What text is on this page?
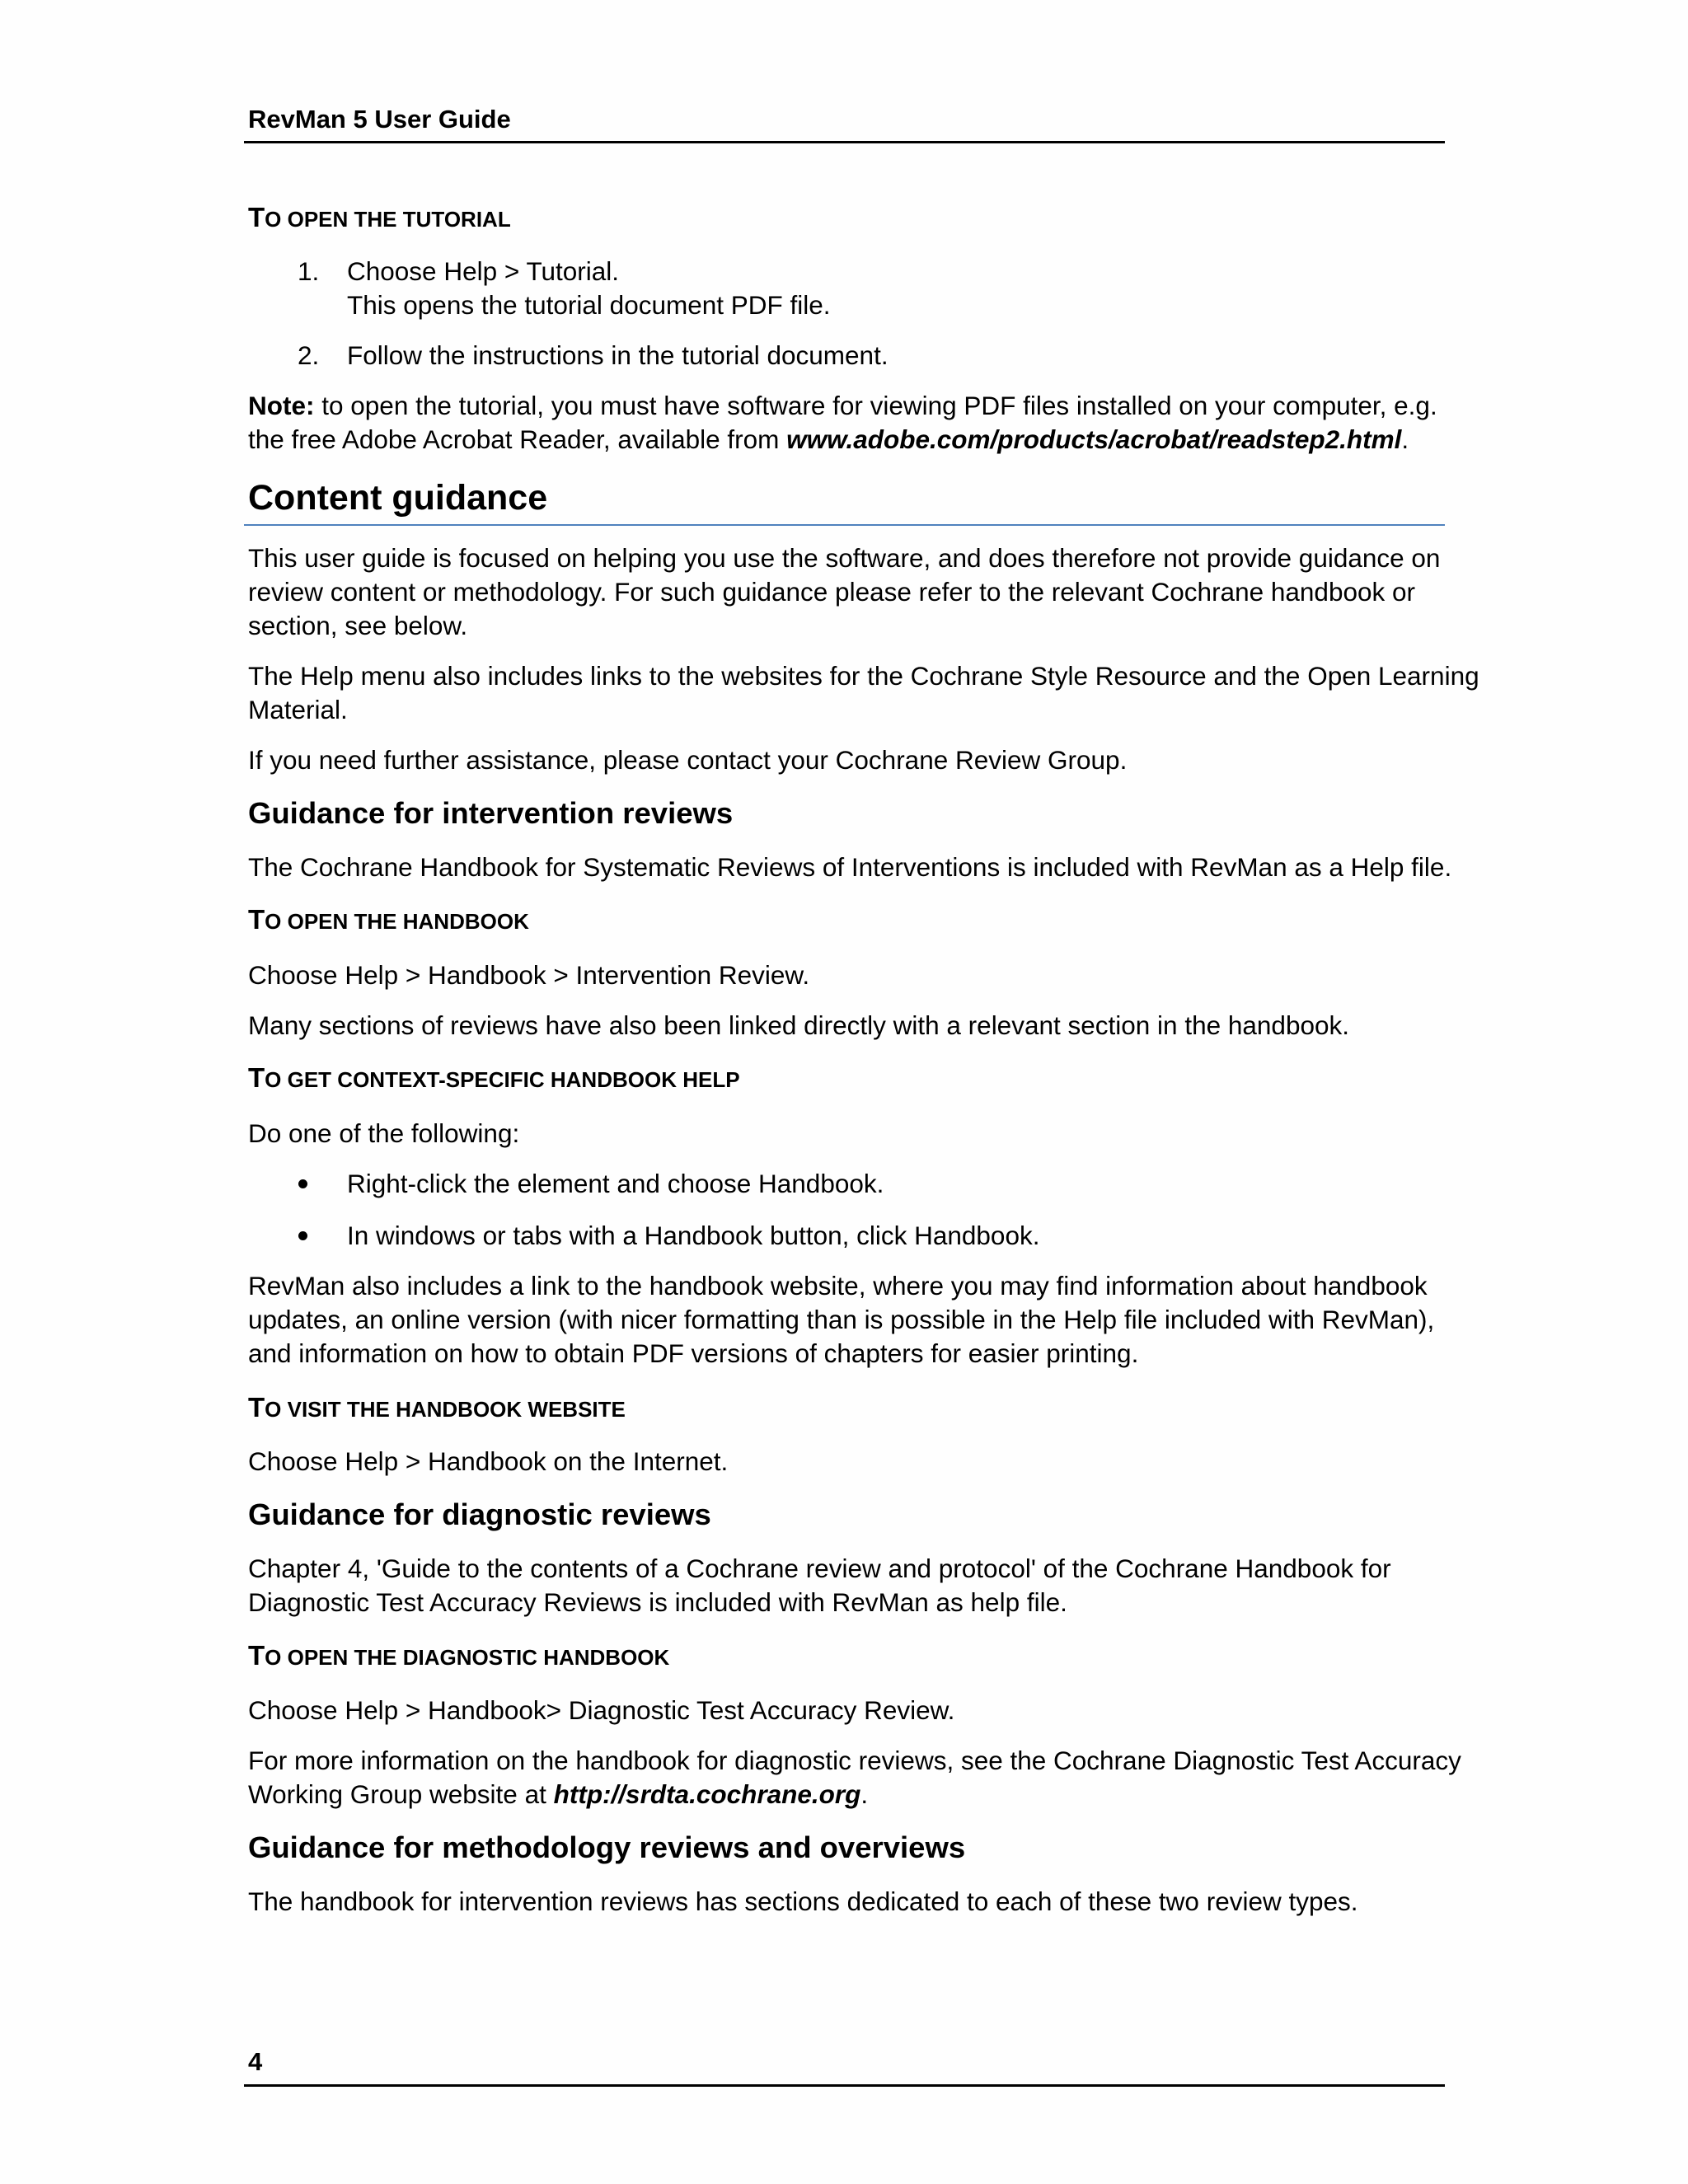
RevMan 5 User Guide
TO OPEN THE TUTORIAL
1. Choose Help > Tutorial.
This opens the tutorial document PDF file.
2. Follow the instructions in the tutorial document.
Note: to open the tutorial, you must have software for viewing PDF files installed on your computer, e.g.
the free Adobe Acrobat Reader, available from www.adobe.com/products/acrobat/readstep2.html.
Content guidance
This user guide is focused on helping you use the software, and does therefore not provide guidance on
review content or methodology. For such guidance please refer to the relevant Cochrane handbook or
section, see below.
The Help menu also includes links to the websites for the Cochrane Style Resource and the Open Learning
Material.
If you need further assistance, please contact your Cochrane Review Group.
Guidance for intervention reviews
The Cochrane Handbook for Systematic Reviews of Interventions is included with RevMan as a Help file.
TO OPEN THE HANDBOOK
Choose Help > Handbook > Intervention Review.
Many sections of reviews have also been linked directly with a relevant section in the handbook.
TO GET CONTEXT-SPECIFIC HANDBOOK HELP
Do one of the following:
Right-click the element and choose Handbook.
In windows or tabs with a Handbook button, click Handbook.
RevMan also includes a link to the handbook website, where you may find information about handbook
updates, an online version (with nicer formatting than is possible in the Help file included with RevMan),
and information on how to obtain PDF versions of chapters for easier printing.
TO VISIT THE HANDBOOK WEBSITE
Choose Help > Handbook on the Internet.
Guidance for diagnostic reviews
Chapter 4, 'Guide to the contents of a Cochrane review and protocol' of the Cochrane Handbook for
Diagnostic Test Accuracy Reviews is included with RevMan as help file.
TO OPEN THE DIAGNOSTIC HANDBOOK
Choose Help > Handbook> Diagnostic Test Accuracy Review.
For more information on the handbook for diagnostic reviews, see the Cochrane Diagnostic Test Accuracy
Working Group website at http://srdta.cochrane.org.
Guidance for methodology reviews and overviews
The handbook for intervention reviews has sections dedicated to each of these two review types.
4
